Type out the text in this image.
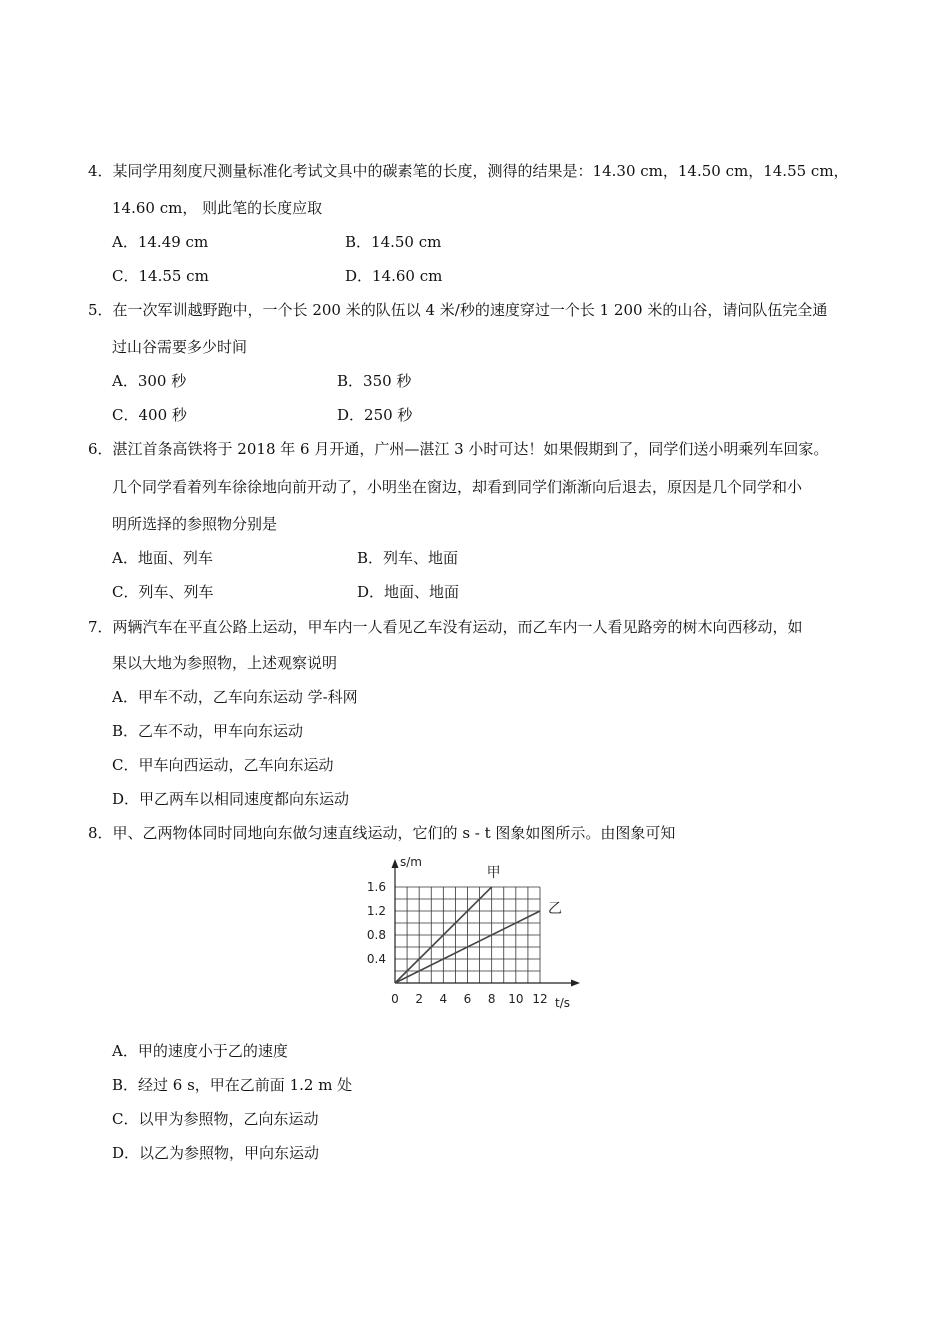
4．某同学用刻度尺测量标准化考试文具中的碳素笔的长度，测得的结果是：14.30 cm，14.50 cm，14.55 cm，
14.60 cm， 则此笔的长度应取
A．14.49 cm	B．14.50 cm
C．14.55 cm	D．14.60 cm
5．在一次军训越野跑中，一个长 200 米的队伍以 4 米/秒的速度穿过一个长 1 200 米的山谷，请问队伍完全通
过山谷需要多少时间
A．300 秒	B．350 秒
C．400 秒	D．250 秒
6．湛江首条高铁将于 2018 年 6 月开通，广州—湛江 3 小时可达！如果假期到了，同学们送小明乘列车回家。
几个同学看着列车徐徐地向前开动了，小明坐在窗边，却看到同学们渐渐向后退去，原因是几个同学和小
明所选择的参照物分别是
A．地面、列车	B．列车、地面
C．列车、列车	D．地面、地面
7．两辆汽车在平直公路上运动，甲车内一人看见乙车没有运动，而乙车内一人看见路旁的树木向西移动，如
果以大地为参照物，上述观察说明
A．甲车不动，乙车向东运动 学-科网
B．乙车不动，甲车向东运动
C．甲车向西运动，乙车向东运动
D．甲乙两车以相同速度都向东运动
8．甲、乙两物体同时同地向东做匀速直线运动，它们的 s - t 图象如图所示。由图象可知
s/m
t/s
0 2 4 6 8 10 12
0.4
0.8
1.2
1.6
甲
乙
A．甲的速度小于乙的速度
B．经过 6 s，甲在乙前面 1.2 m 处
C．以甲为参照物，乙向东运动
D．以乙为参照物，甲向东运动
